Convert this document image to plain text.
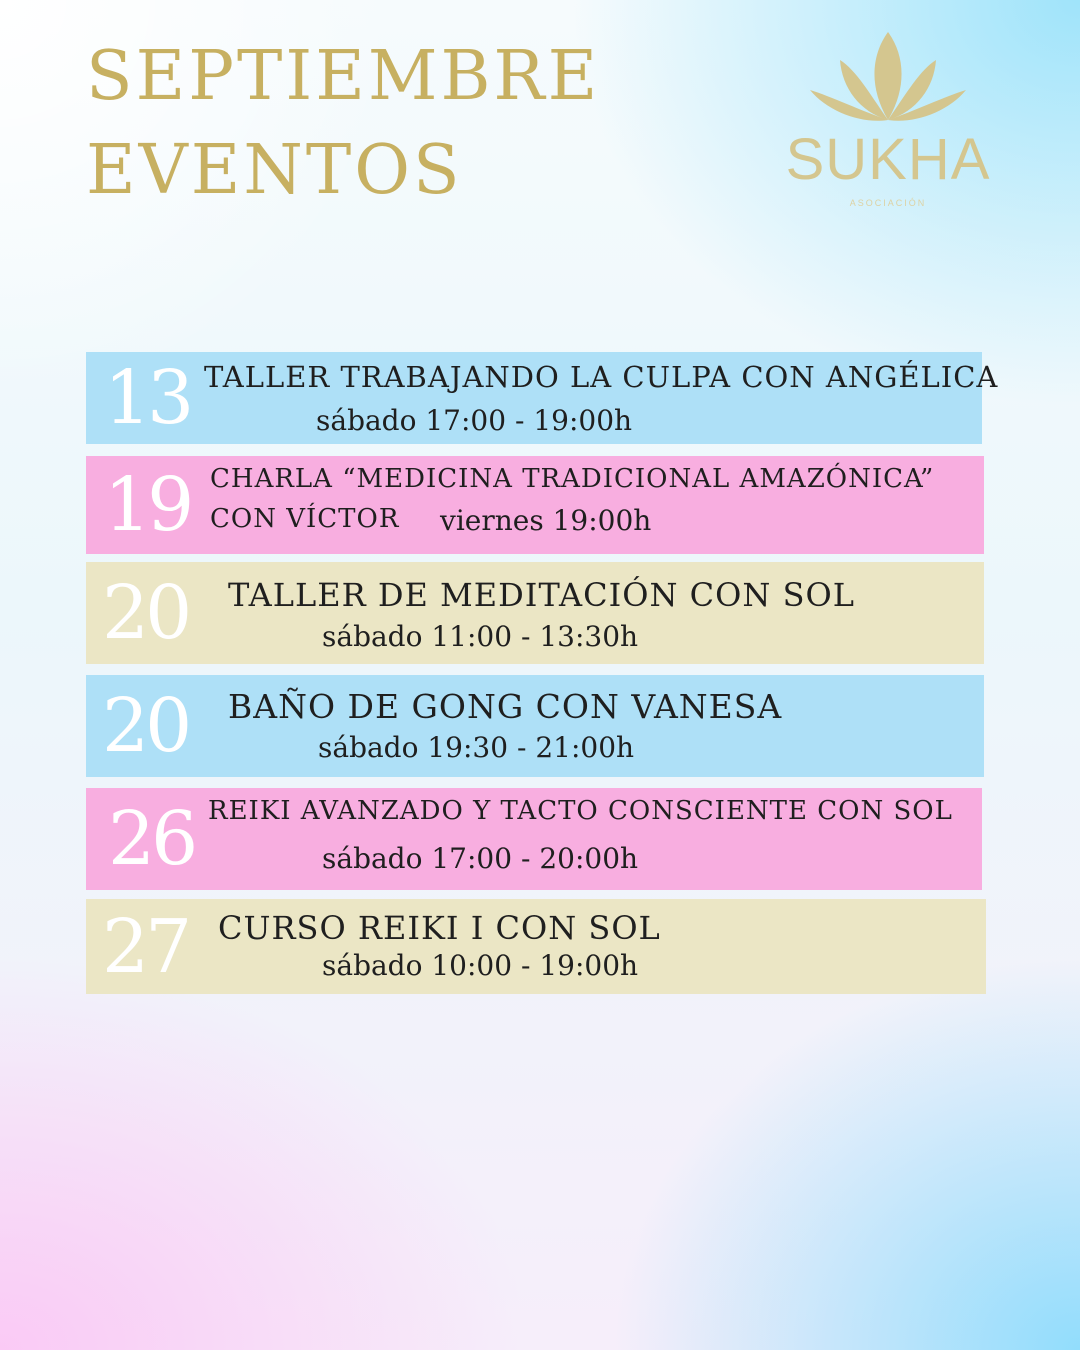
SEPTIEMBRE
EVENTOS	SUKHA
ASOCIACIÓN
13 TALLER TRABAJANDO LA CULPA CON ANGÉLICA
sábado 17:00 - 19:00h
19 CHARLA “MEDICINA TRADICIONAL AMAZÓNICA”
CON VÍCTOR viernes 19:00h
20 TALLER DE MEDITACIÓN CON SOL
sábado 11:00 - 13:30h
20 BAÑO DE GONG CON VANESA
sábado 19:30 - 21:00h
26 REIKI AVANZADO Y TACTO CONSCIENTE CON SOL
sábado 17:00 - 20:00h
27 CURSO REIKI I CON SOL
sábado 10:00 - 19:00h
